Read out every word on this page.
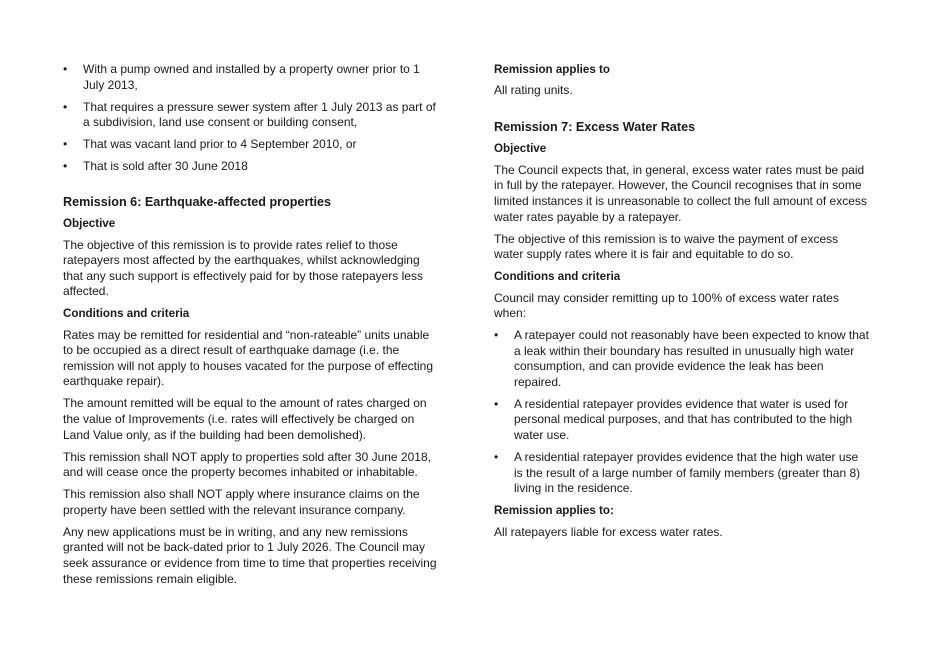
•	With a pump owned and installed by a property owner prior to 1 July 2013,
•	That requires a pressure sewer system after 1 July 2013 as part of a subdivision, land use consent or building consent,
•	That was vacant land prior to 4 September 2010, or
•	That is sold after 30 June 2018

Remission 6: Earthquake-affected properties

Objective

The objective of this remission is to provide rates relief to those ratepayers most affected by the earthquakes, whilst acknowledging that any such support is effectively paid for by those ratepayers less affected.

Conditions and criteria

Rates may be remitted for residential and “non-rateable” units unable to be occupied as a direct result of earthquake damage (i.e. the remission will not apply to houses vacated for the purpose of effecting earthquake repair).

The amount remitted will be equal to the amount of rates charged on the value of Improvements (i.e. rates will effectively be charged on Land Value only, as if the building had been demolished).

This remission shall NOT apply to properties sold after 30 June 2018, and will cease once the property becomes inhabited or inhabitable.

This remission also shall NOT apply where insurance claims on the property have been settled with the relevant insurance company.

Any new applications must be in writing, and any new remissions granted will not be back-dated prior to 1 July 2026. The Council may seek assurance or evidence from time to time that properties receiving these remissions remain eligible.

Remission applies to

All rating units.

Remission 7: Excess Water Rates

Objective

The Council expects that, in general, excess water rates must be paid in full by the ratepayer. However, the Council recognises that in some limited instances it is unreasonable to collect the full amount of excess water rates payable by a ratepayer.

The objective of this remission is to waive the payment of excess water supply rates where it is fair and equitable to do so.

Conditions and criteria

Council may consider remitting up to 100% of excess water rates when:

•	A ratepayer could not reasonably have been expected to know that a leak within their boundary has resulted in unusually high water consumption, and can provide evidence the leak has been repaired.
•	A residential ratepayer provides evidence that water is used for personal medical purposes, and that has contributed to the high water use.
•	A residential ratepayer provides evidence that the high water use is the result of a large number of family members (greater than 8) living in the residence.

Remission applies to:

All ratepayers liable for excess water rates.
